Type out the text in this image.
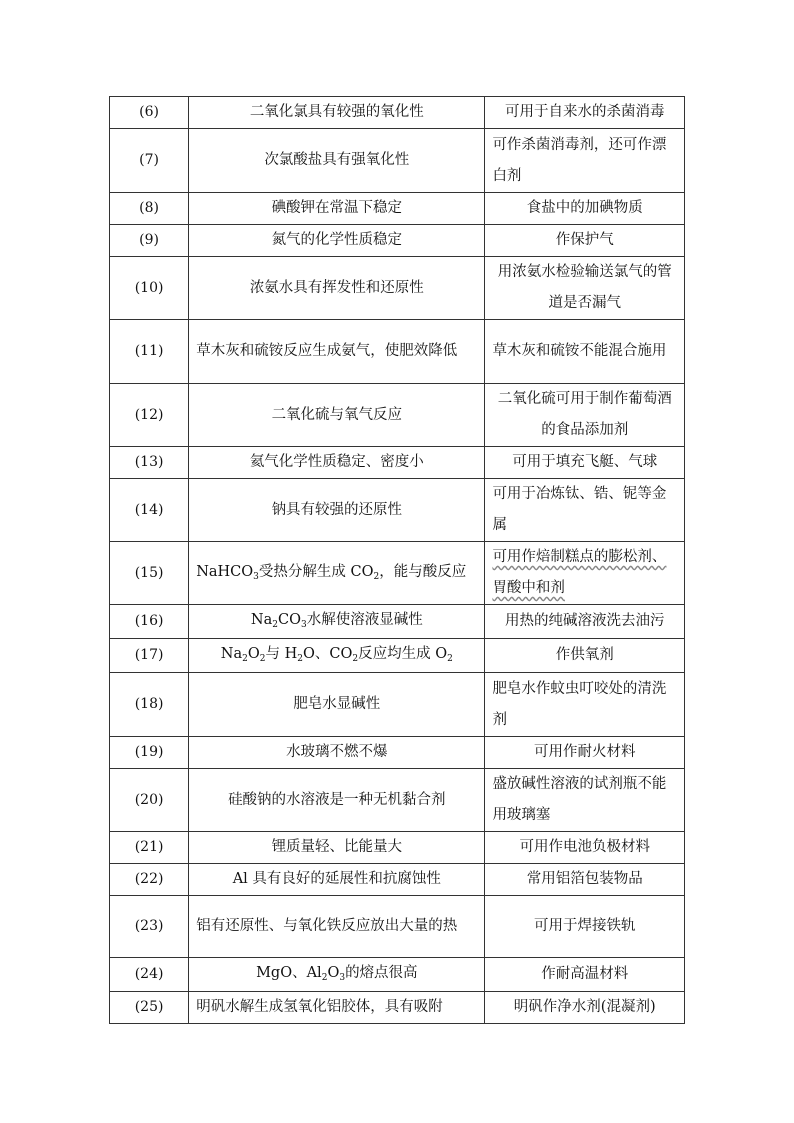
(6)	二氧化氯具有较强的氧化性	可用于自来水的杀菌消毒
(7)	次氯酸盐具有强氧化性	可作杀菌消毒剂，还可作漂白剂
(8)	碘酸钾在常温下稳定	食盐中的加碘物质
(9)	氮气的化学性质稳定	作保护气
(10)	浓氨水具有挥发性和还原性	用浓氨水检验输送氯气的管道是否漏气
(11)	草木灰和硫铵反应生成氨气，使肥效降低	草木灰和硫铵不能混合施用
(12)	二氧化硫与氧气反应	二氧化硫可用于制作葡萄酒的食品添加剂
(13)	氦气化学性质稳定、密度小	可用于填充飞艇、气球
(14)	钠具有较强的还原性	可用于冶炼钛、锆、铌等金属
(15)	NaHCO$_3$受热分解生成 $CO_2$，能与酸反应	可用作焙制糕点的膨松剂、胃酸中和剂
(16)	$Na_2CO_3$水解使溶液显碱性	用热的纯碱溶液洗去油污
(17)	$Na_2O_2$与 $H_2O$、$CO_2$反应均生成 $O_2$	作供氧剂
(18)	肥皂水显碱性	肥皂水作蚊虫叮咬处的清洗剂
(19)	水玻璃不燃不爆	可用作耐火材料
(20)	硅酸钠的水溶液是一种无机黏合剂	盛放碱性溶液的试剂瓶不能用玻璃塞
(21)	锂质量轻、比能量大	可用作电池负极材料
(22)	Al 具有良好的延展性和抗腐蚀性	常用铝箔包装物品
(23)	铝有还原性、与氧化铁反应放出大量的热	可用于焊接铁轨
(24)	MgO、$Al_2O_3$的熔点很高	作耐高温材料
(25)	明矾水解生成氢氧化铝胶体，具有吸附	明矾作净水剂(混凝剂)
